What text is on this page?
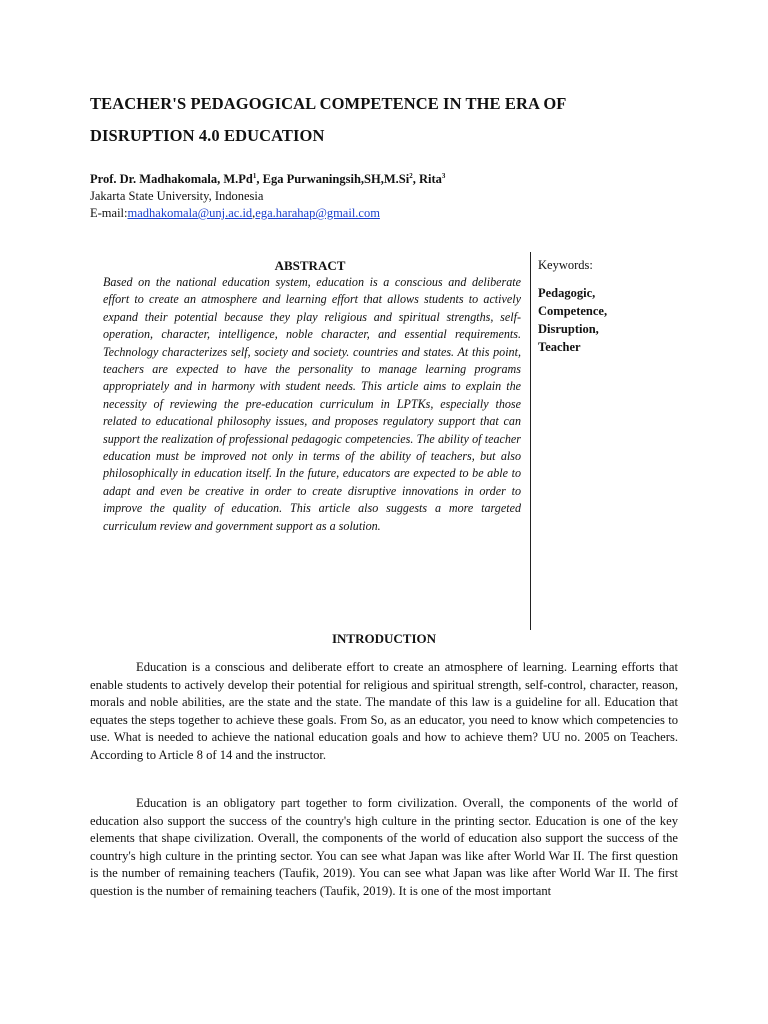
TEACHER'S PEDAGOGICAL COMPETENCE IN THE ERA OF
DISRUPTION 4.0 EDUCATION
Prof. Dr. Madhakomala, M.Pd$^1$, Ega Purwaningsih,SH,M.Si$^2$, Rita$^3$
Jakarta State University, Indonesia
E-mail:madhakomala@unj.ac.id,ega.harahap@gmail.com
ABSTRACT
Based on the national education system, education is a conscious and deliberate effort to create an atmosphere and learning effort that allows students to actively expand their potential because they play religious and spiritual strengths, self-operation, character, intelligence, noble character, and essential requirements. Technology characterizes self, society and society. countries and states. At this point, teachers are expected to have the personality to manage learning programs appropriately and in harmony with student needs. This article aims to explain the necessity of reviewing the pre-education curriculum in LPTKs, especially those related to educational philosophy issues, and proposes regulatory support that can support the realization of professional pedagogic competencies. The ability of teacher education must be improved not only in terms of the ability of teachers, but also philosophically in education itself. In the future, educators are expected to be able to adapt and even be creative in order to create disruptive innovations in order to improve the quality of education. This article also suggests a more targeted curriculum review and government support as a solution.
Keywords:
Pedagogic,
Competence,
Disruption,
Teacher
INTRODUCTION

Education is a conscious and deliberate effort to create an atmosphere of learning. Learning efforts that enable students to actively develop their potential for religious and spiritual strength, self-control, character, reason, morals and noble abilities, are the state and the state. The mandate of this law is a guideline for all. Education that equates the steps together to achieve these goals. From So, as an educator, you need to know which competencies to use. What is needed to achieve the national education goals and how to achieve them? UU no. 2005 on Teachers. According to Article 8 of 14 and the instructor.

Education is an obligatory part together to form civilization. Overall, the components of the world of education also support the success of the country's high culture in the printing sector. Education is one of the key elements that shape civilization. Overall, the components of the world of education also support the success of the country's high culture in the printing sector. You can see what Japan was like after World War II. The first question is the number of remaining teachers (Taufik, 2019). You can see what Japan was like after World War II. The first question is the number of remaining teachers (Taufik, 2019). It is one of the most important
